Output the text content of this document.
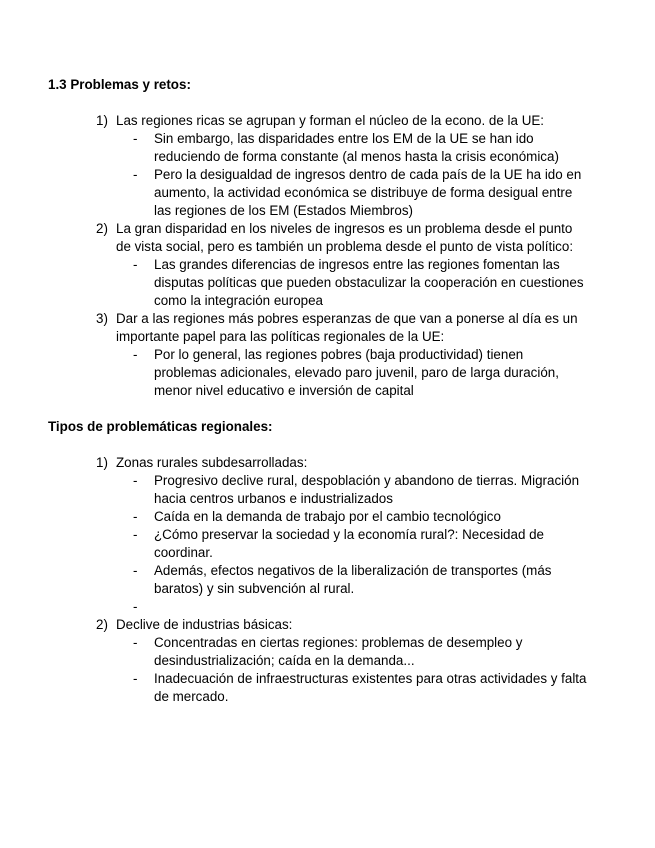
1.3 Problemas y retos:
1) Las regiones ricas se agrupan y forman el núcleo de la econo. de la UE:
- Sin embargo, las disparidades entre los EM de la UE se han ido reduciendo de forma constante (al menos hasta la crisis económica)
- Pero la desigualdad de ingresos dentro de cada país de la UE ha ido en aumento, la actividad económica se distribuye de forma desigual entre las regiones de los EM (Estados Miembros)
2) La gran disparidad en los niveles de ingresos es un problema desde el punto de vista social, pero es también un problema desde el punto de vista político:
- Las grandes diferencias de ingresos entre las regiones fomentan las disputas políticas que pueden obstaculizar la cooperación en cuestiones como la integración europea
3) Dar a las regiones más pobres esperanzas de que van a ponerse al día es un importante papel para las políticas regionales de la UE:
- Por lo general, las regiones pobres (baja productividad) tienen problemas adicionales, elevado paro juvenil, paro de larga duración, menor nivel educativo e inversión de capital
Tipos de problemáticas regionales:
1) Zonas rurales subdesarrolladas:
- Progresivo declive rural, despoblación y abandono de tierras. Migración hacia centros urbanos e industrializados
- Caída en la demanda de trabajo por el cambio tecnológico
- ¿Cómo preservar la sociedad y la economía rural?: Necesidad de coordinar.
- Además, efectos negativos de la liberalización de transportes (más baratos) y sin subvención al rural.
-
2) Declive de industrias básicas:
- Concentradas en ciertas regiones: problemas de desempleo y desindustrialización; caída en la demanda...
- Inadecuación de infraestructuras existentes para otras actividades y falta de mercado.
